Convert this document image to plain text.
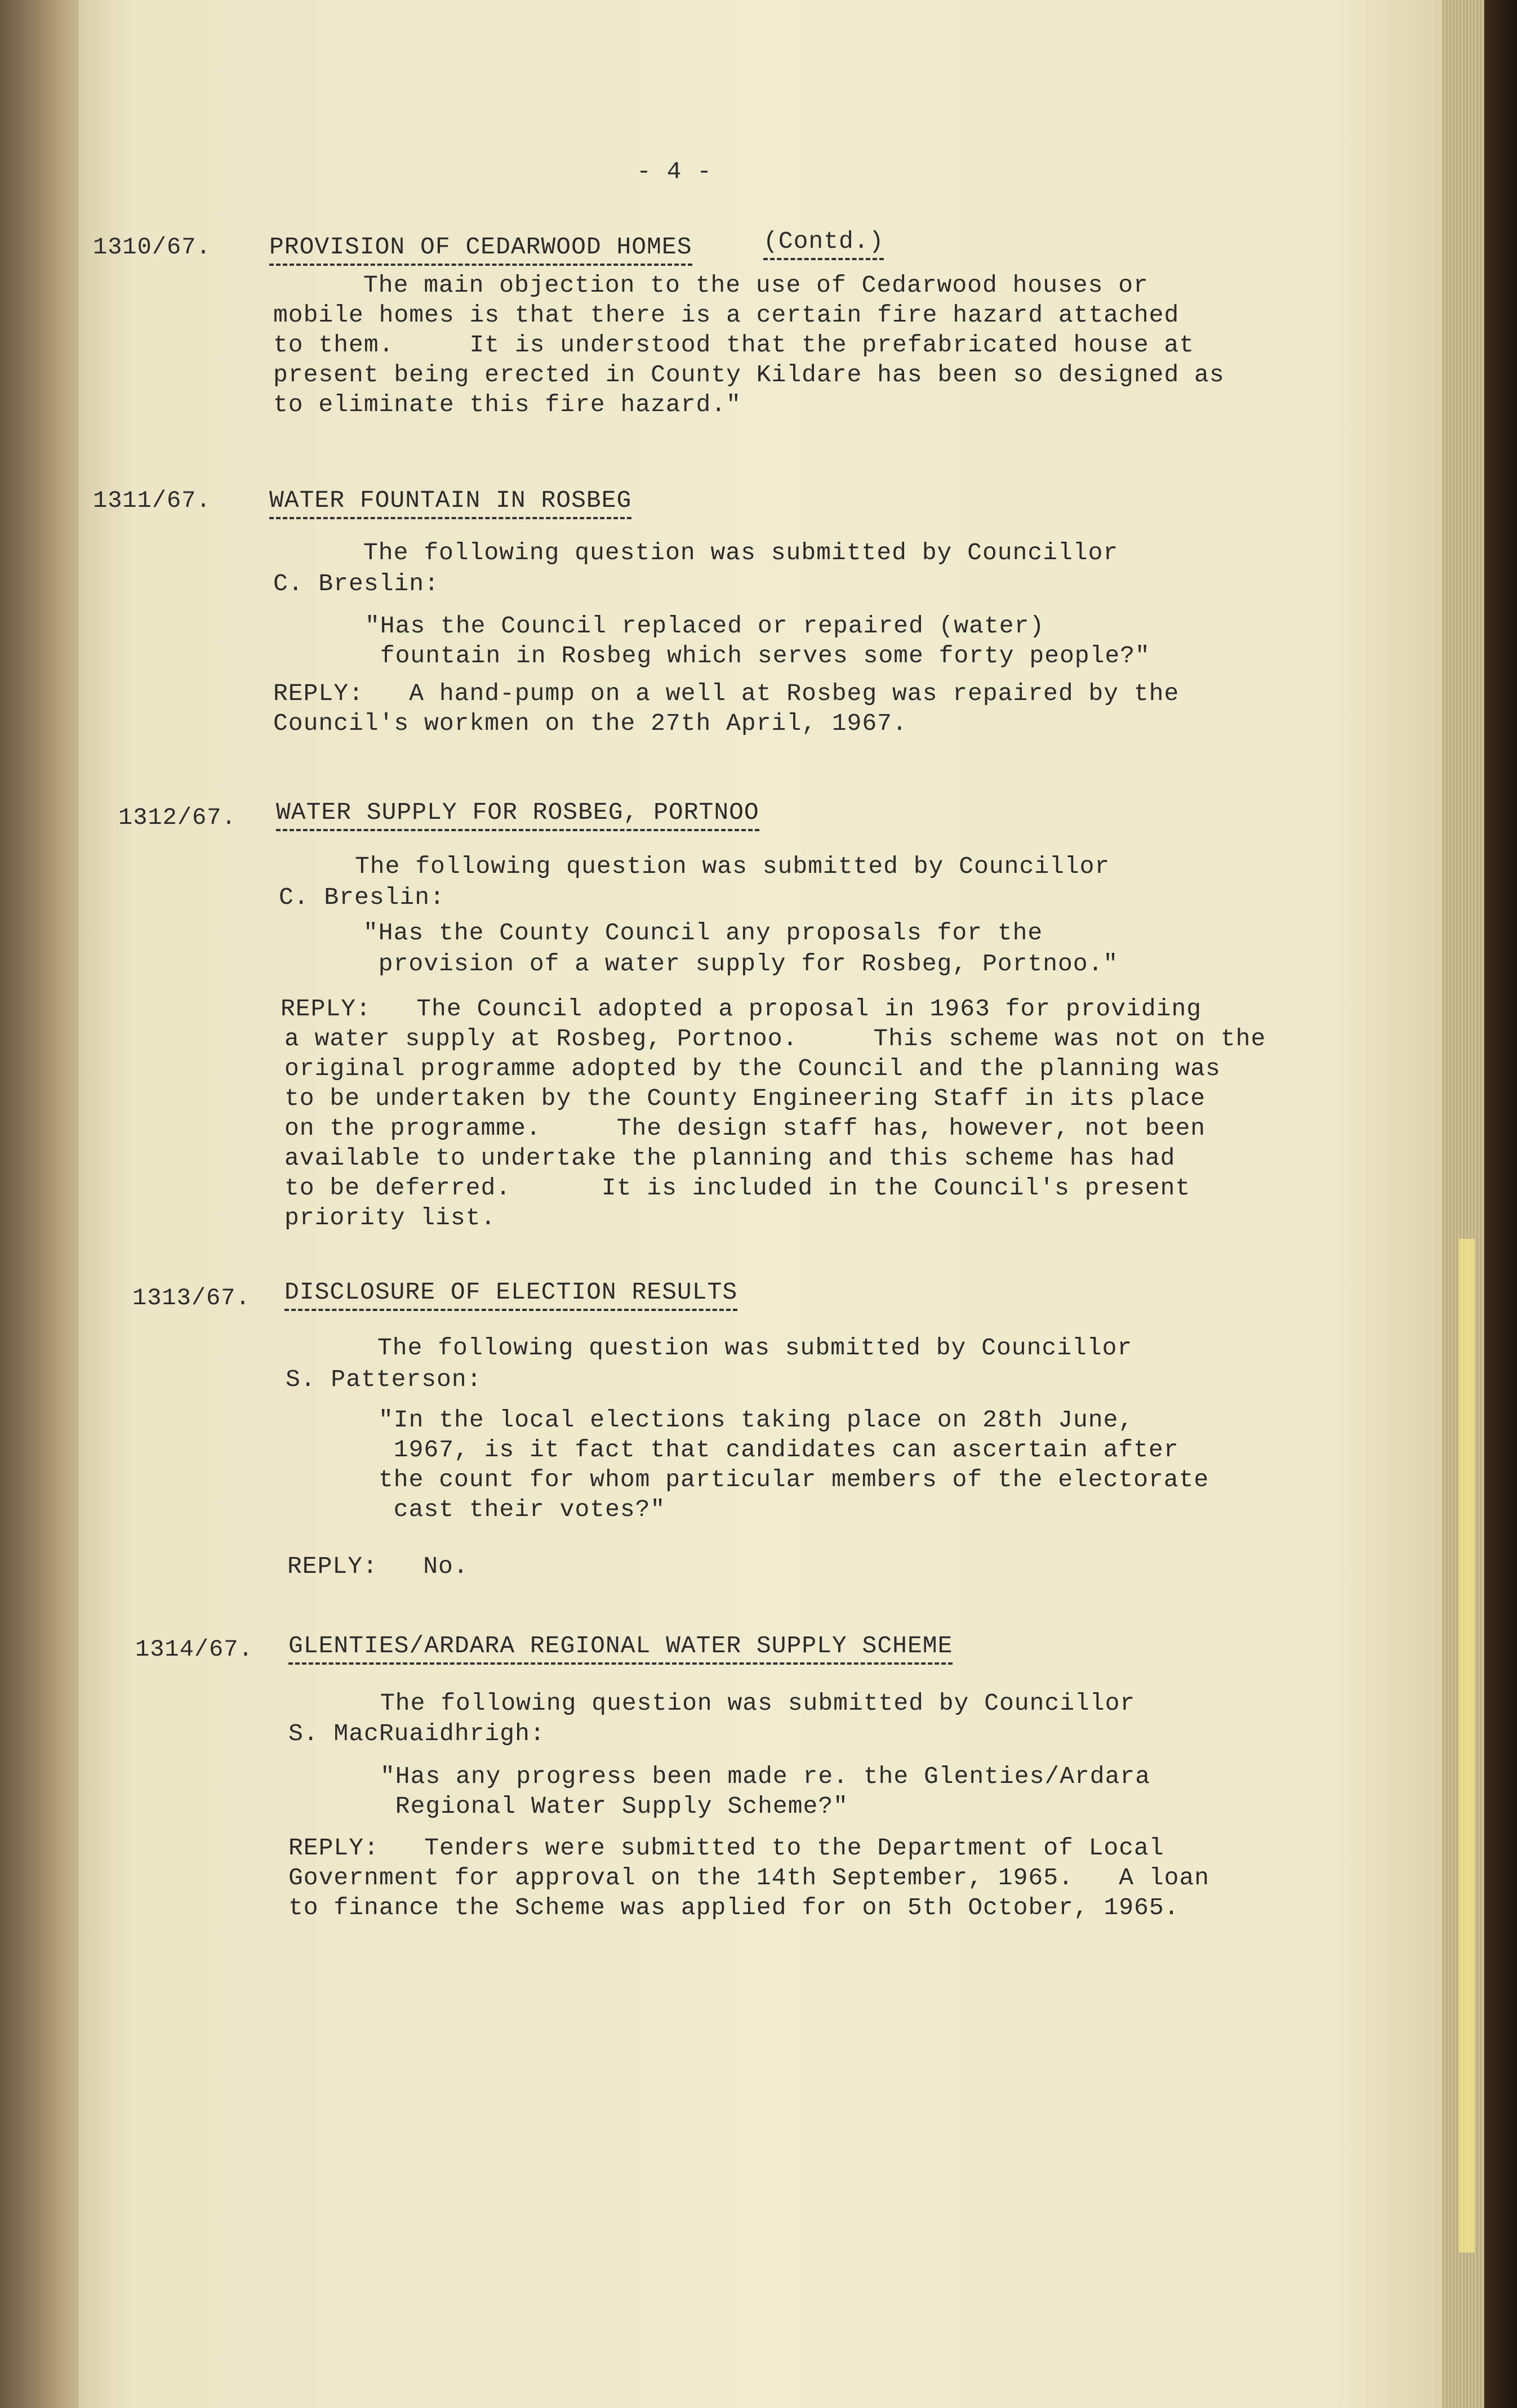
- 4 -
1310/67. PROVISION OF CEDARWOOD HOMES	(Contd.)
The main objection to the use of Cedarwood houses or
mobile homes is that there is a certain fire hazard attached
to them.     It is understood that the prefabricated house at
present being erected in County Kildare has been so designed as
to eliminate this fire hazard."
1311/67. WATER FOUNTAIN IN ROSBEG
The following question was submitted by Councillor
C. Breslin:
"Has the Council replaced or repaired (water)
fountain in Rosbeg which serves some forty people?"
REPLY:   A hand-pump on a well at Rosbeg was repaired by the
Council's workmen on the 27th April, 1967.
1312/67. WATER SUPPLY FOR ROSBEG, PORTNOO
The following question was submitted by Councillor
C. Breslin:
"Has the County Council any proposals for the
provision of a water supply for Rosbeg, Portnoo."
REPLY:   The Council adopted a proposal in 1963 for providing
a water supply at Rosbeg, Portnoo.     This scheme was not on the
original programme adopted by the Council and the planning was
to be undertaken by the County Engineering Staff in its place
on the programme.     The design staff has, however, not been
available to undertake the planning and this scheme has had
to be deferred.      It is included in the Council's present
priority list.
1313/67. DISCLOSURE OF ELECTION RESULTS
The following question was submitted by Councillor
S. Patterson:
"In the local elections taking place on 28th June,
1967, is it fact that candidates can ascertain after
the count for whom particular members of the electorate
cast their votes?"
REPLY:   No.
1314/67. GLENTIES/ARDARA REGIONAL WATER SUPPLY SCHEME
The following question was submitted by Councillor
S. MacRuaidhrigh:
"Has any progress been made re. the Glenties/Ardara
Regional Water Supply Scheme?"
REPLY:   Tenders were submitted to the Department of Local
Government for approval on the 14th September, 1965.   A loan
to finance the Scheme was applied for on 5th October, 1965.
